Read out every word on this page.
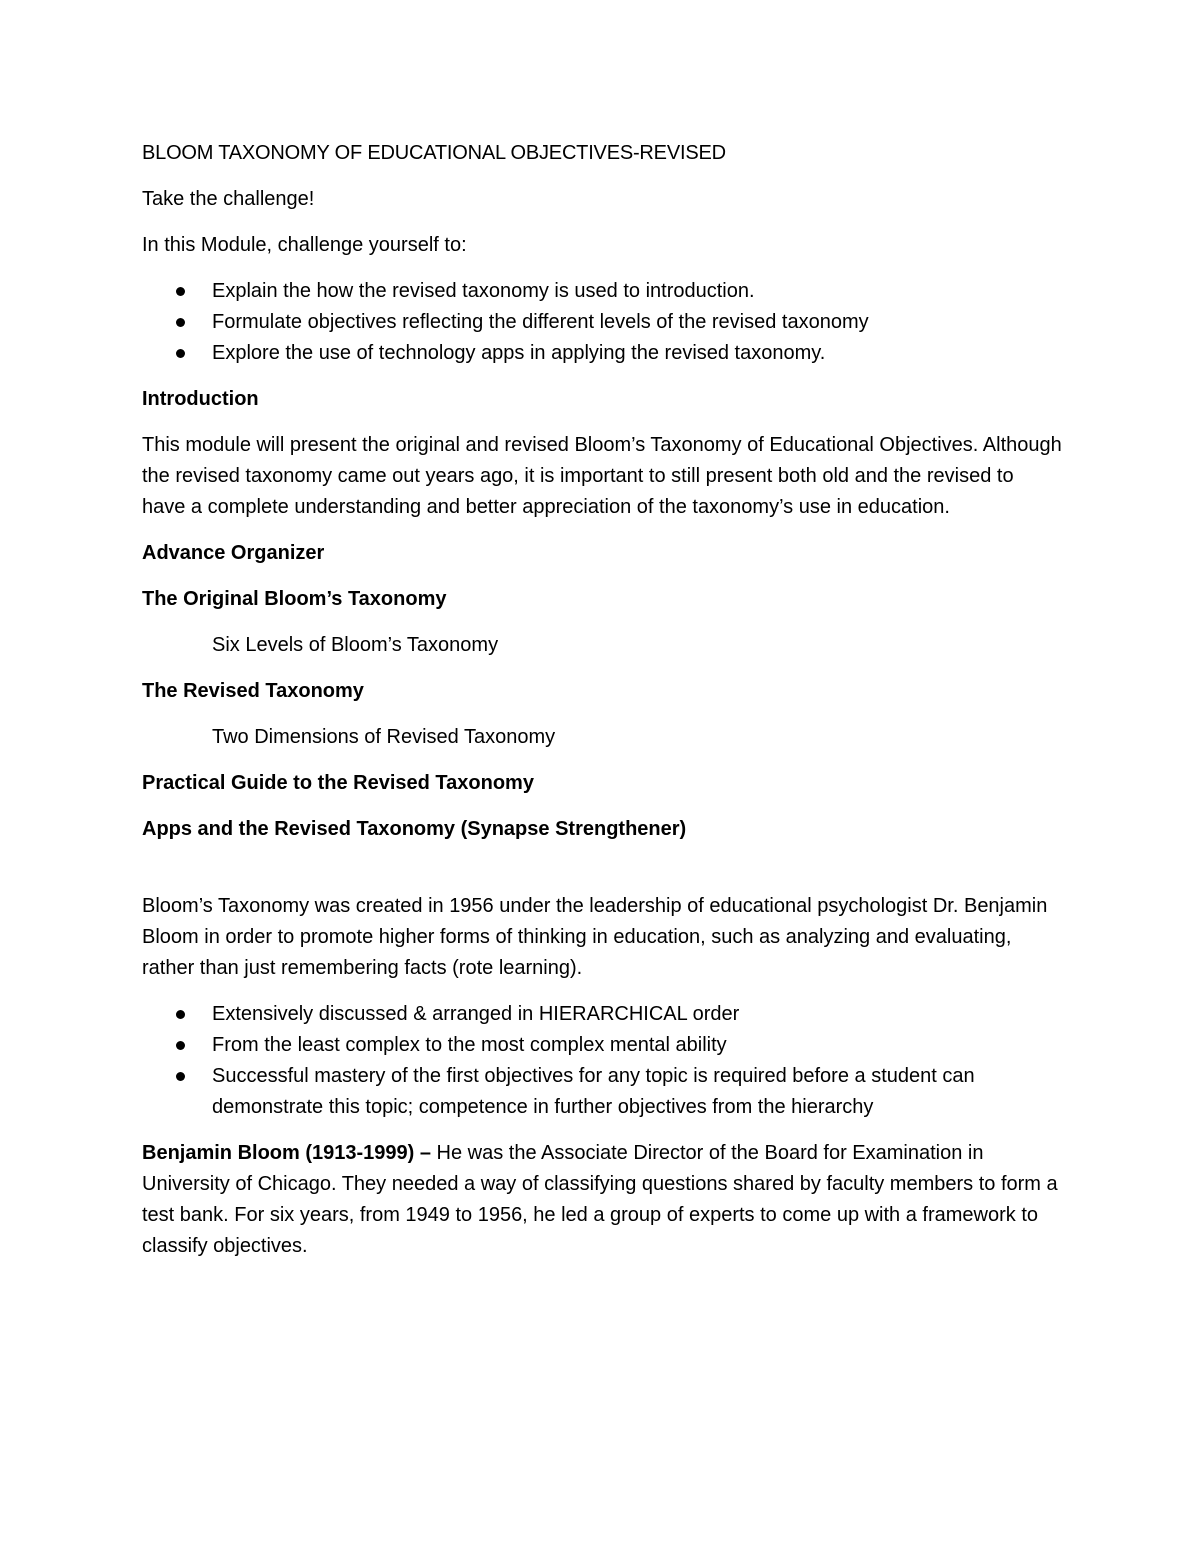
BLOOM TAXONOMY OF EDUCATIONAL OBJECTIVES-REVISED

Take the challenge!

In this Module, challenge yourself to:

Explain the how the revised taxonomy is used to introduction.
Formulate objectives reflecting the different levels of the revised taxonomy
Explore the use of technology apps in applying the revised taxonomy.

Introduction

This module will present the original and revised Bloom’s Taxonomy of Educational Objectives. Although the revised taxonomy came out years ago, it is important to still present both old and the revised to have a complete understanding and better appreciation of the taxonomy’s use in education.

Advance Organizer

The Original Bloom’s Taxonomy

Six Levels of Bloom’s Taxonomy

The Revised Taxonomy

Two Dimensions of Revised Taxonomy

Practical Guide to the Revised Taxonomy

Apps and the Revised Taxonomy (Synapse Strengthener)

Bloom’s Taxonomy was created in 1956 under the leadership of educational psychologist Dr. Benjamin Bloom in order to promote higher forms of thinking in education, such as analyzing and evaluating, rather than just remembering facts (rote learning).

Extensively discussed & arranged in HIERARCHICAL order
From the least complex to the most complex mental ability
Successful mastery of the first objectives for any topic is required before a student can demonstrate this topic; competence in further objectives from the hierarchy

Benjamin Bloom (1913-1999) – He was the Associate Director of the Board for Examination in University of Chicago. They needed a way of classifying questions shared by faculty members to form a test bank. For six years, from 1949 to 1956, he led a group of experts to come up with a framework to classify objectives.
